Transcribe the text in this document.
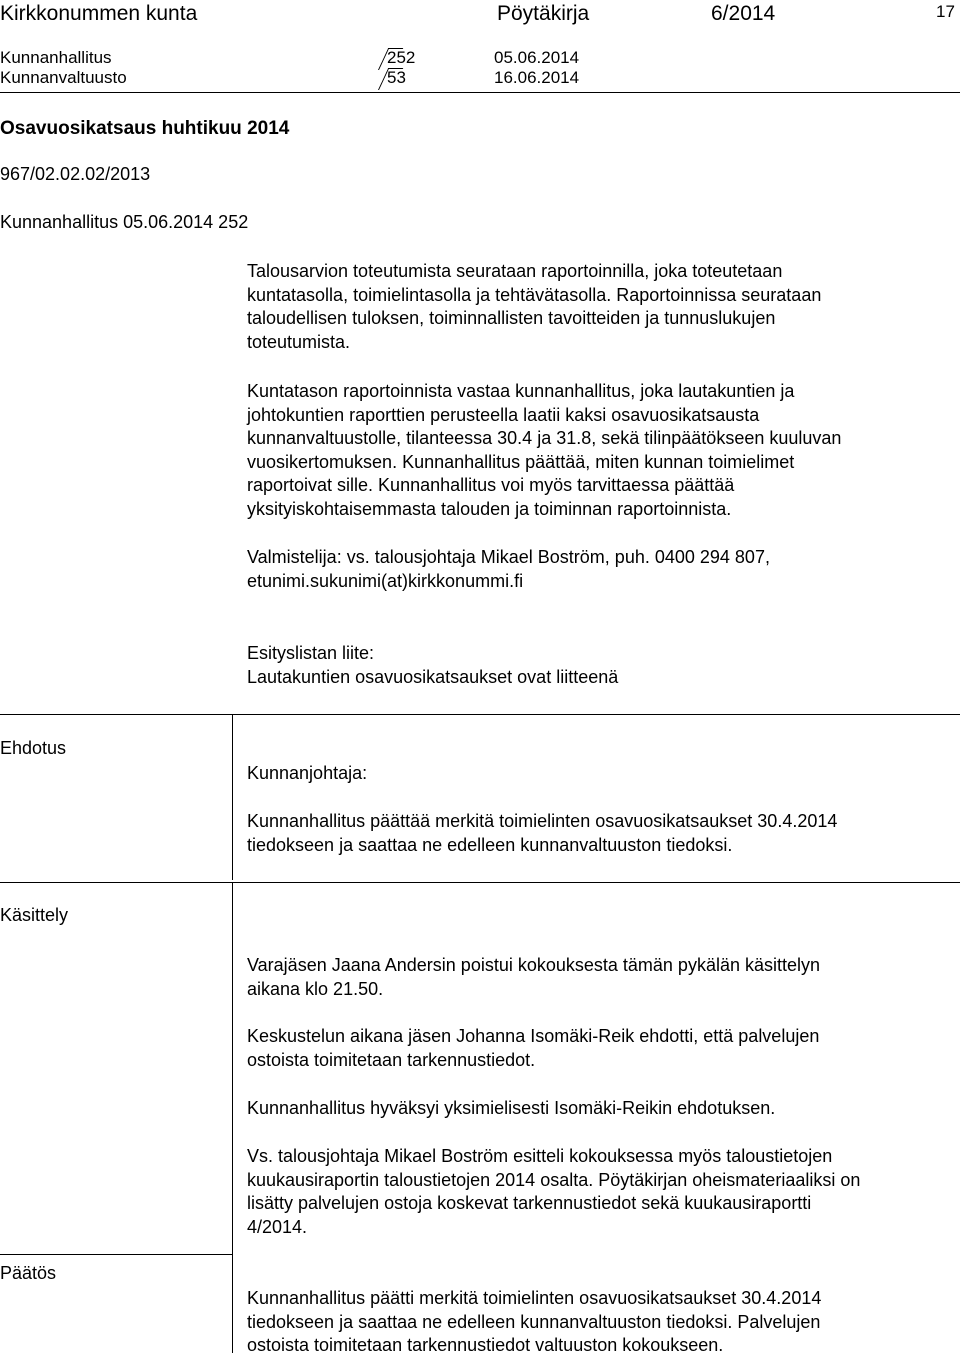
Kirkkonummen kunta	Pöytäkirja	6/2014	17
Kunnanhallitus	252	05.06.2014
Kunnanvaltuusto	53	16.06.2014
Osavuosikatsaus huhtikuu 2014
967/02.02.02/2013
Kunnanhallitus 05.06.2014 252
Talousarvion toteutumista seurataan raportoinnilla, joka toteutetaan
kuntatasolla, toimielintasolla ja tehtävätasolla. Raportoinnissa seurataan
taloudellisen tuloksen, toiminnallisten tavoitteiden ja tunnuslukujen
toteutumista.
Kuntatason raportoinnista vastaa kunnanhallitus, joka lautakuntien ja
johtokuntien raporttien perusteella laatii kaksi osavuosikatsausta
kunnanvaltuustolle, tilanteessa 30.4 ja 31.8, sekä tilinpäätökseen kuuluvan
vuosikertomuksen. Kunnanhallitus päättää, miten kunnan toimielimet
raportoivat sille. Kunnanhallitus voi myös tarvittaessa päättää
yksityiskohtaisemmasta talouden ja toiminnan raportoinnista.
Valmistelija: vs. talousjohtaja Mikael Boström, puh. 0400 294 807,
etunimi.sukunimi(at)kirkkonummi.fi
Esityslistan liite:
Lautakuntien osavuosikatsaukset ovat liitteenä
Ehdotus
Kunnanjohtaja:
Kunnanhallitus päättää merkitä toimielinten osavuosikatsaukset 30.4.2014
tiedokseen ja saattaa ne edelleen kunnanvaltuuston tiedoksi.
Käsittely
Varajäsen Jaana Andersin poistui kokouksesta tämän pykälän käsittelyn
aikana klo 21.50.
Keskustelun aikana jäsen Johanna Isomäki-Reik ehdotti, että palvelujen
ostoista toimitetaan tarkennustiedot.
Kunnanhallitus hyväksyi yksimielisesti Isomäki-Reikin ehdotuksen.
Vs. talousjohtaja Mikael Boström esitteli kokouksessa myös taloustietojen
kuukausiraportin taloustietojen 2014 osalta. Pöytäkirjan oheismateriaaliksi on
lisätty palvelujen ostoja koskevat tarkennustiedot sekä kuukausiraportti
4/2014.
Päätös
Kunnanhallitus päätti merkitä toimielinten osavuosikatsaukset 30.4.2014
tiedokseen ja saattaa ne edelleen kunnanvaltuuston tiedoksi. Palvelujen
ostoista toimitetaan tarkennustiedot valtuuston kokoukseen.
